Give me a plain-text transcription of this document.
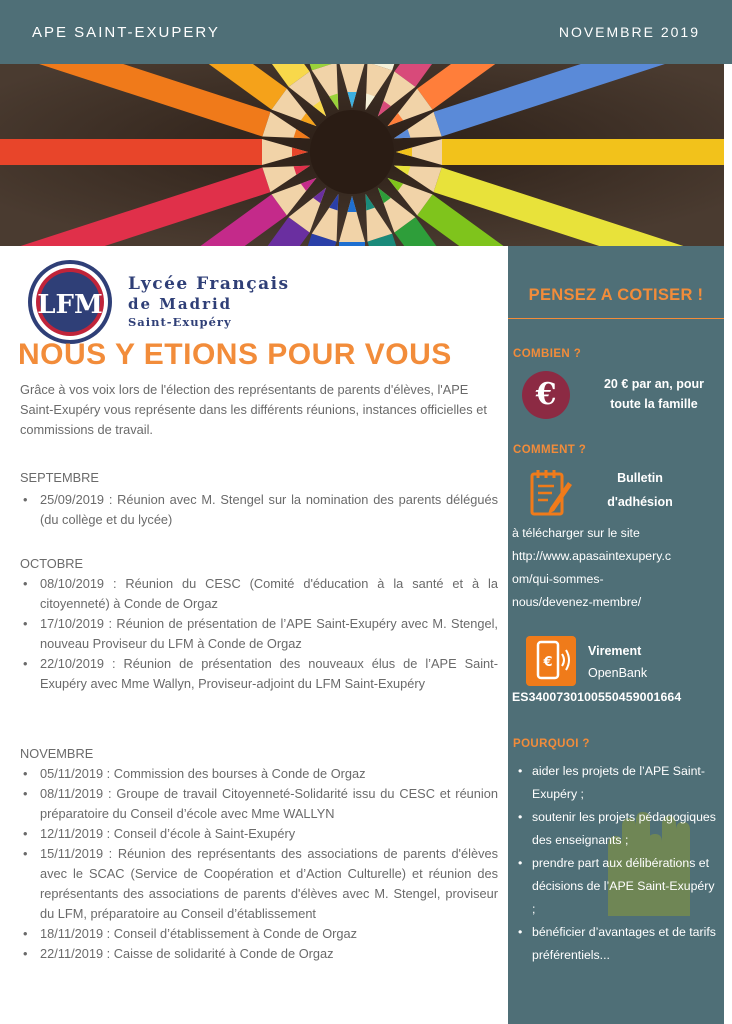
APE SAINT-EXUPERY	NOVEMBRE 2019
LFM
Lycée Français
de Madrid
Saint-Exupéry
NOUS Y ETIONS POUR VOUS
Grâce à vos voix lors de l'élection des représentants de parents d'élèves, l'APE Saint-Exupéry vous représente dans les différents réunions, instances officielles et commissions de travail.
SEPTEMBRE
• 25/09/2019 : Réunion avec M. Stengel sur la nomination des parents délégués (du collège et du lycée)
OCTOBRE
• 08/10/2019 : Réunion du CESC (Comité d'éducation à la santé et à la citoyenneté) à Conde de Orgaz
• 17/10/2019 : Réunion de présentation de l’APE Saint-Exupéry avec M. Stengel, nouveau Proviseur du LFM à Conde de Orgaz
• 22/10/2019 : Réunion de présentation des nouveaux élus de l’APE Saint-Exupéry avec Mme Wallyn, Proviseur-adjoint du LFM Saint-Exupéry
NOVEMBRE
• 05/11/2019 : Commission des bourses à Conde de Orgaz
• 08/11/2019 : Groupe de travail Citoyenneté-Solidarité issu du CESC et réunion préparatoire du Conseil d’école avec Mme WALLYN
• 12/11/2019 : Conseil d’école à Saint-Exupéry
• 15/11/2019 : Réunion des représentants des associations de parents d'élèves avec le SCAC (Service de Coopération et d’Action Culturelle) et réunion des représentants des associations de parents d'élèves avec M. Stengel, proviseur du LFM, préparatoire au Conseil d’établissement
• 18/11/2019 : Conseil d’établissement à Conde de Orgaz
• 22/11/2019 : Caisse de solidarité à Conde de Orgaz
PENSEZ A COTISER !
COMBIEN ?
€	20 € par an, pour toute la famille
COMMENT ?
Bulletin
d'adhésion
à télécharger sur le site
http://www.apasaintexupery.c
om/qui-sommes-
nous/devenez-membre/
€
Virement
OpenBank
ES3400730100550459001664
POURQUOI ?
• aider les projets de l’APE Saint-Exupéry ;
• soutenir les projets pédagogiques des enseignants ;
• prendre part aux délibérations et décisions de l’APE Saint-Exupéry ;
• bénéficier d’avantages et de tarifs préférentiels...
